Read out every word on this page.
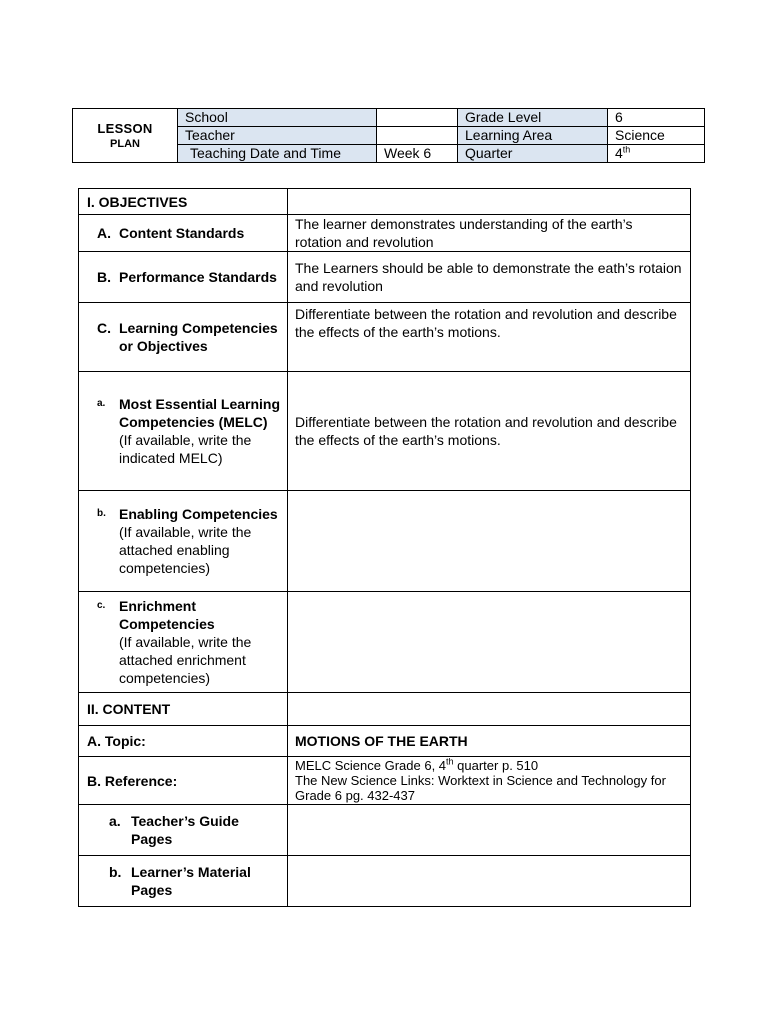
LESSON
PLAN	School		Grade Level	6
	Teacher		Learning Area	Science
	Teaching Date and Time	Week 6	Quarter	4th
I. OBJECTIVES	

A. Content Standards	The learner demonstrates understanding of the earth’s rotation and revolution

B. Performance Standards	The Learners should be able to demonstrate the eath’s rotaion and revolution

C. Learning Competencies or Objectives	Differentiate between the rotation and revolution and describe the effects of the earth’s motions.

a. Most Essential Learning Competencies (MELC)
(If available, write the indicated MELC)	Differentiate between the rotation and revolution and describe the effects of the earth’s motions.

b. Enabling Competencies
(If available, write the attached enabling competencies)	

c. Enrichment Competencies
(If available, write the attached enrichment competencies)	

II. CONTENT	
A. Topic:	MOTIONS OF THE EARTH
B. Reference:	MELC Science Grade 6, 4th quarter p. 510
The New Science Links: Worktext in Science and Technology for Grade 6 pg. 432-437

a. Teacher’s Guide Pages	

b. Learner’s Material Pages	
